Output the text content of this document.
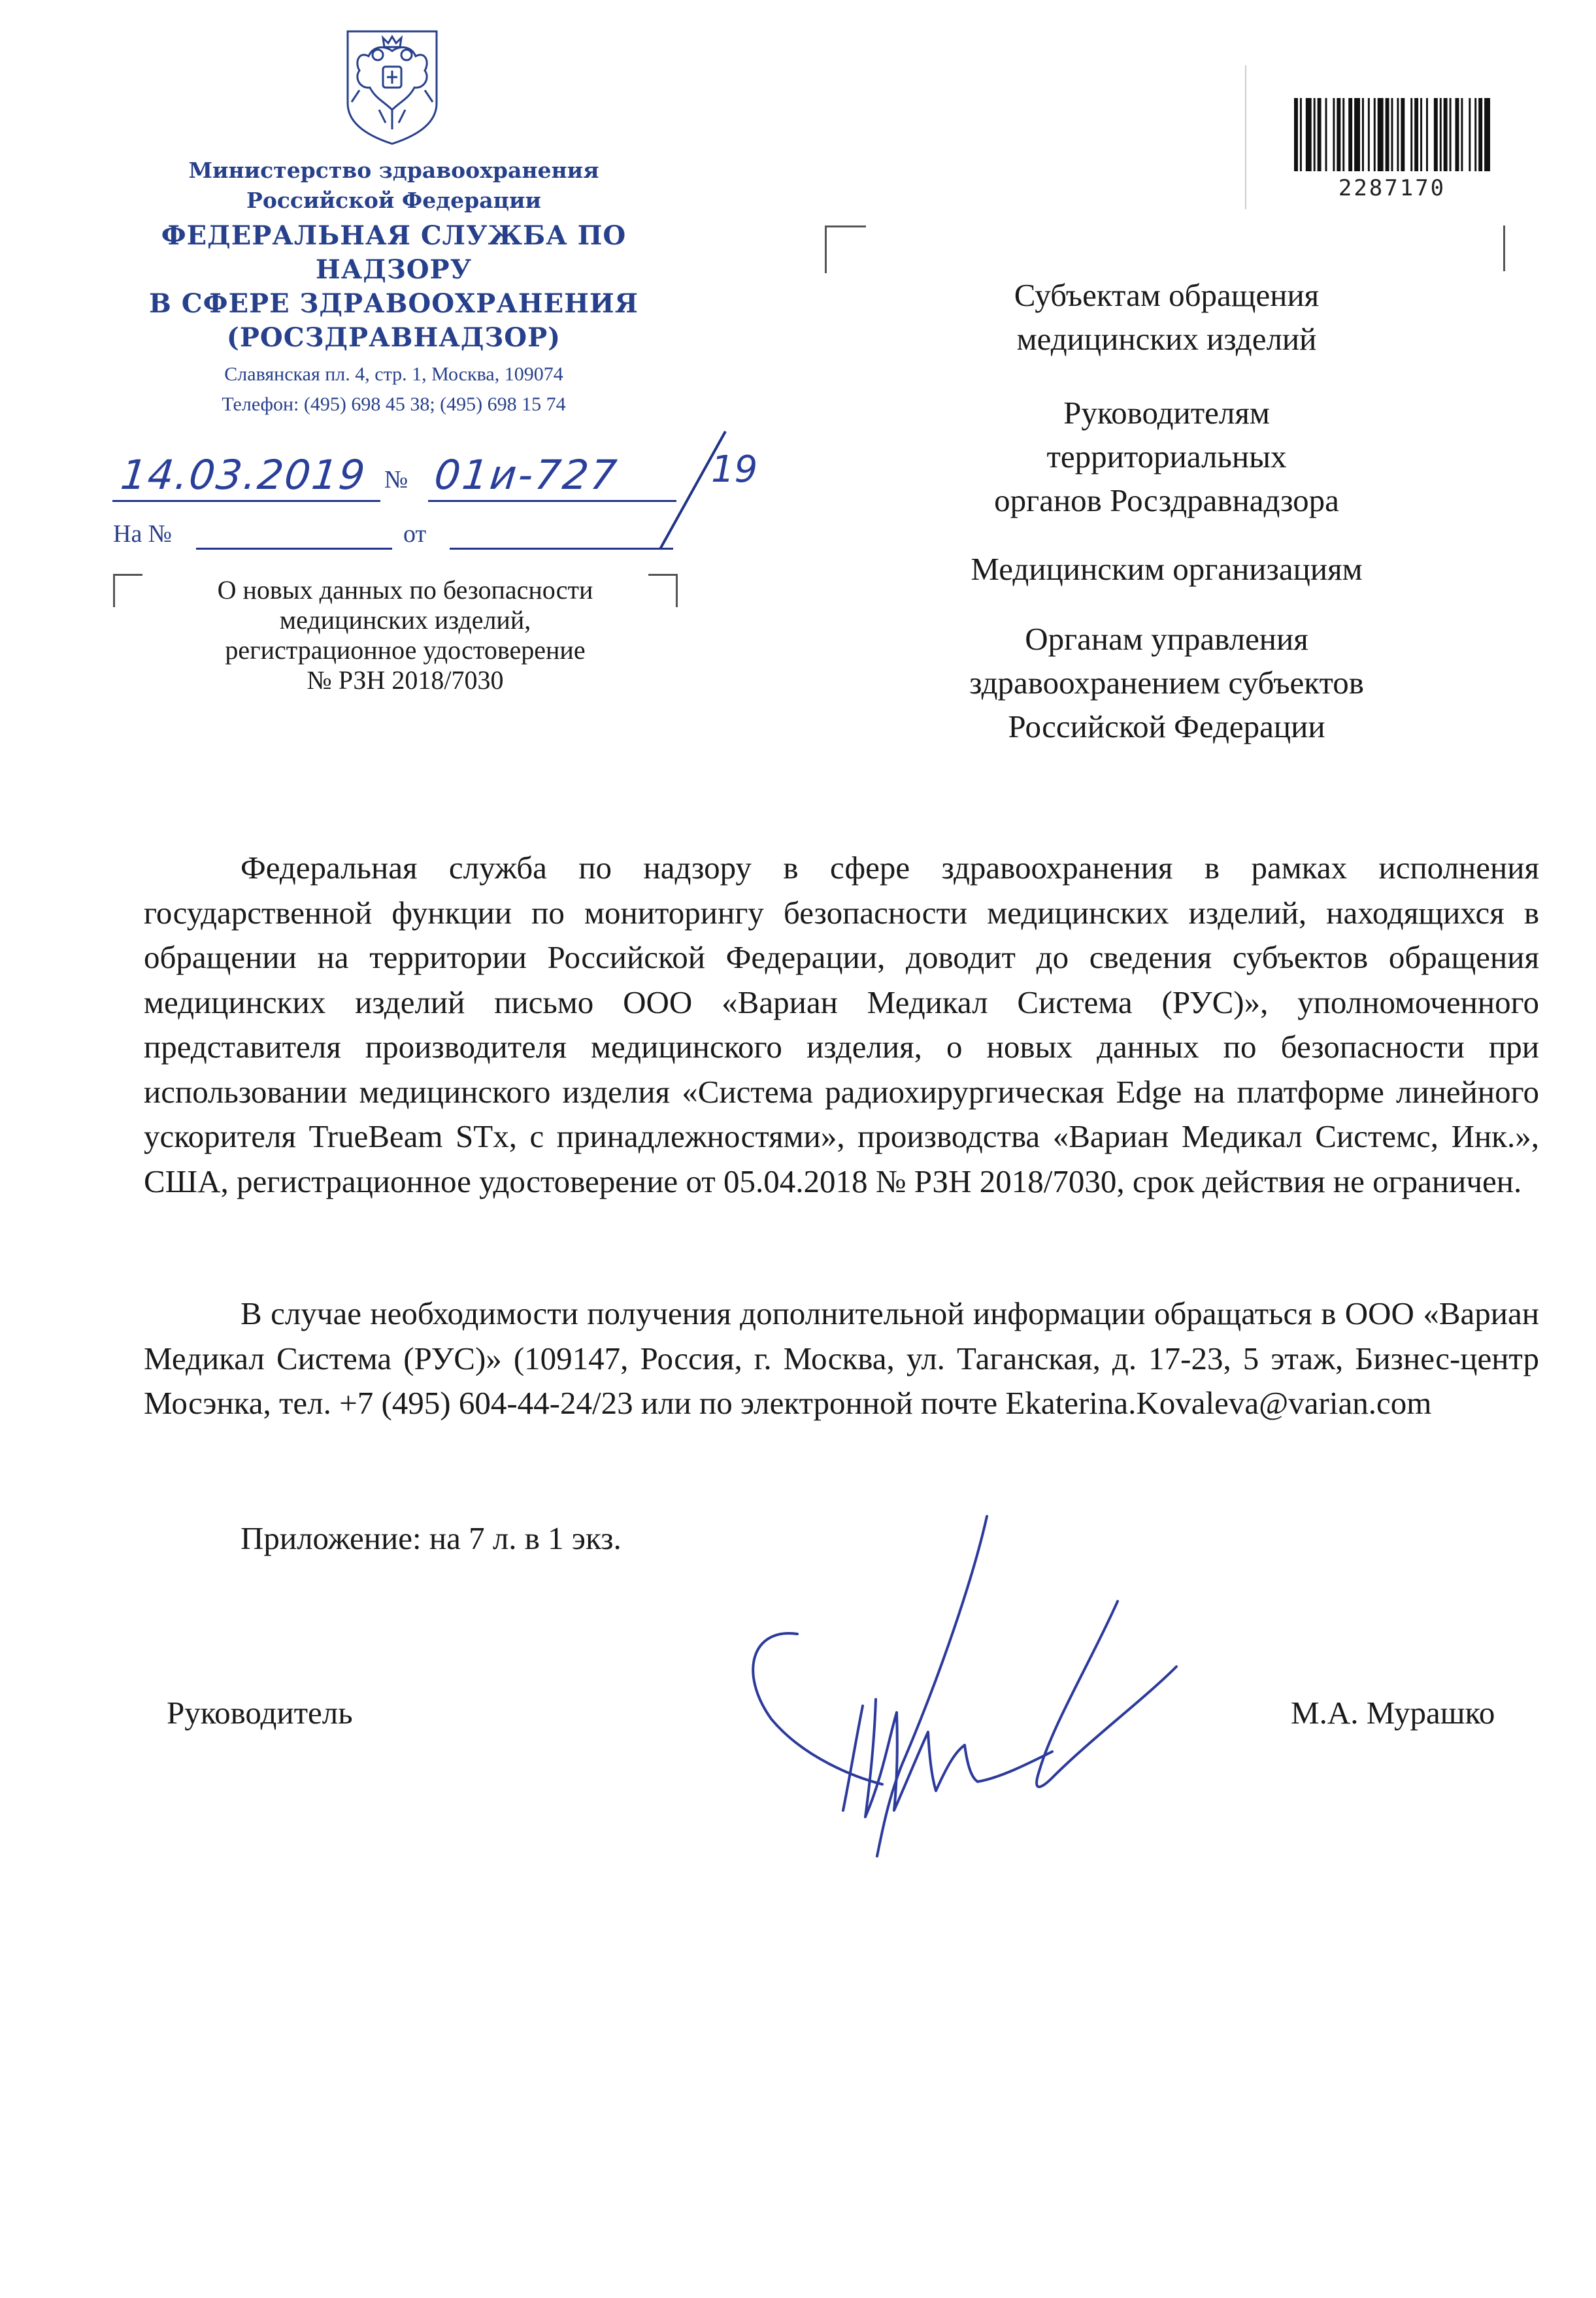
Министерство здравоохранения
Российской Федерации
ФЕДЕРАЛЬНАЯ СЛУЖБА ПО НАДЗОРУ
В СФЕРЕ ЗДРАВООХРАНЕНИЯ
(РОСЗДРАВНАДЗОР)
Славянская пл. 4, стр. 1, Москва, 109074
Телефон: (495) 698 45 38; (495) 698 15 74
14.03.2019 № 01и-727 19
На №	от
О новых данных по безопасности
медицинских изделий,
регистрационное удостоверение
№ РЗН 2018/7030
2287170
Субъектам обращения
медицинских изделий
Руководителям
территориальных
органов Росздравнадзора
Медицинским организациям
Органам управления
здравоохранением субъектов
Российской Федерации
Федеральная служба по надзору в сфере здравоохранения в рамках исполнения государственной функции по мониторингу безопасности медицинских изделий, находящихся в обращении на территории Российской Федерации, доводит до сведения субъектов обращения медицинских изделий письмо ООО «Вариан Медикал Система (РУС)», уполномоченного представителя производителя медицинского изделия, о новых данных по безопасности при использовании медицинского изделия «Система радиохирургическая Edge на платформе линейного ускорителя TrueBeam STx, с принадлежностями», производства «Вариан Медикал Системс, Инк.», США, регистрационное удостоверение от 05.04.2018 № РЗН 2018/7030, срок действия не ограничен.
В случае необходимости получения дополнительной информации обращаться в ООО «Вариан Медикал Система (РУС)» (109147, Россия, г. Москва, ул. Таганская, д. 17-23, 5 этаж, Бизнес-центр Мосэнка, тел. +7 (495) 604-44-24/23 или по электронной почте Ekaterina.Kovaleva@varian.com
Приложение: на 7 л. в 1 экз.
Руководитель	М.А. Мурашко
